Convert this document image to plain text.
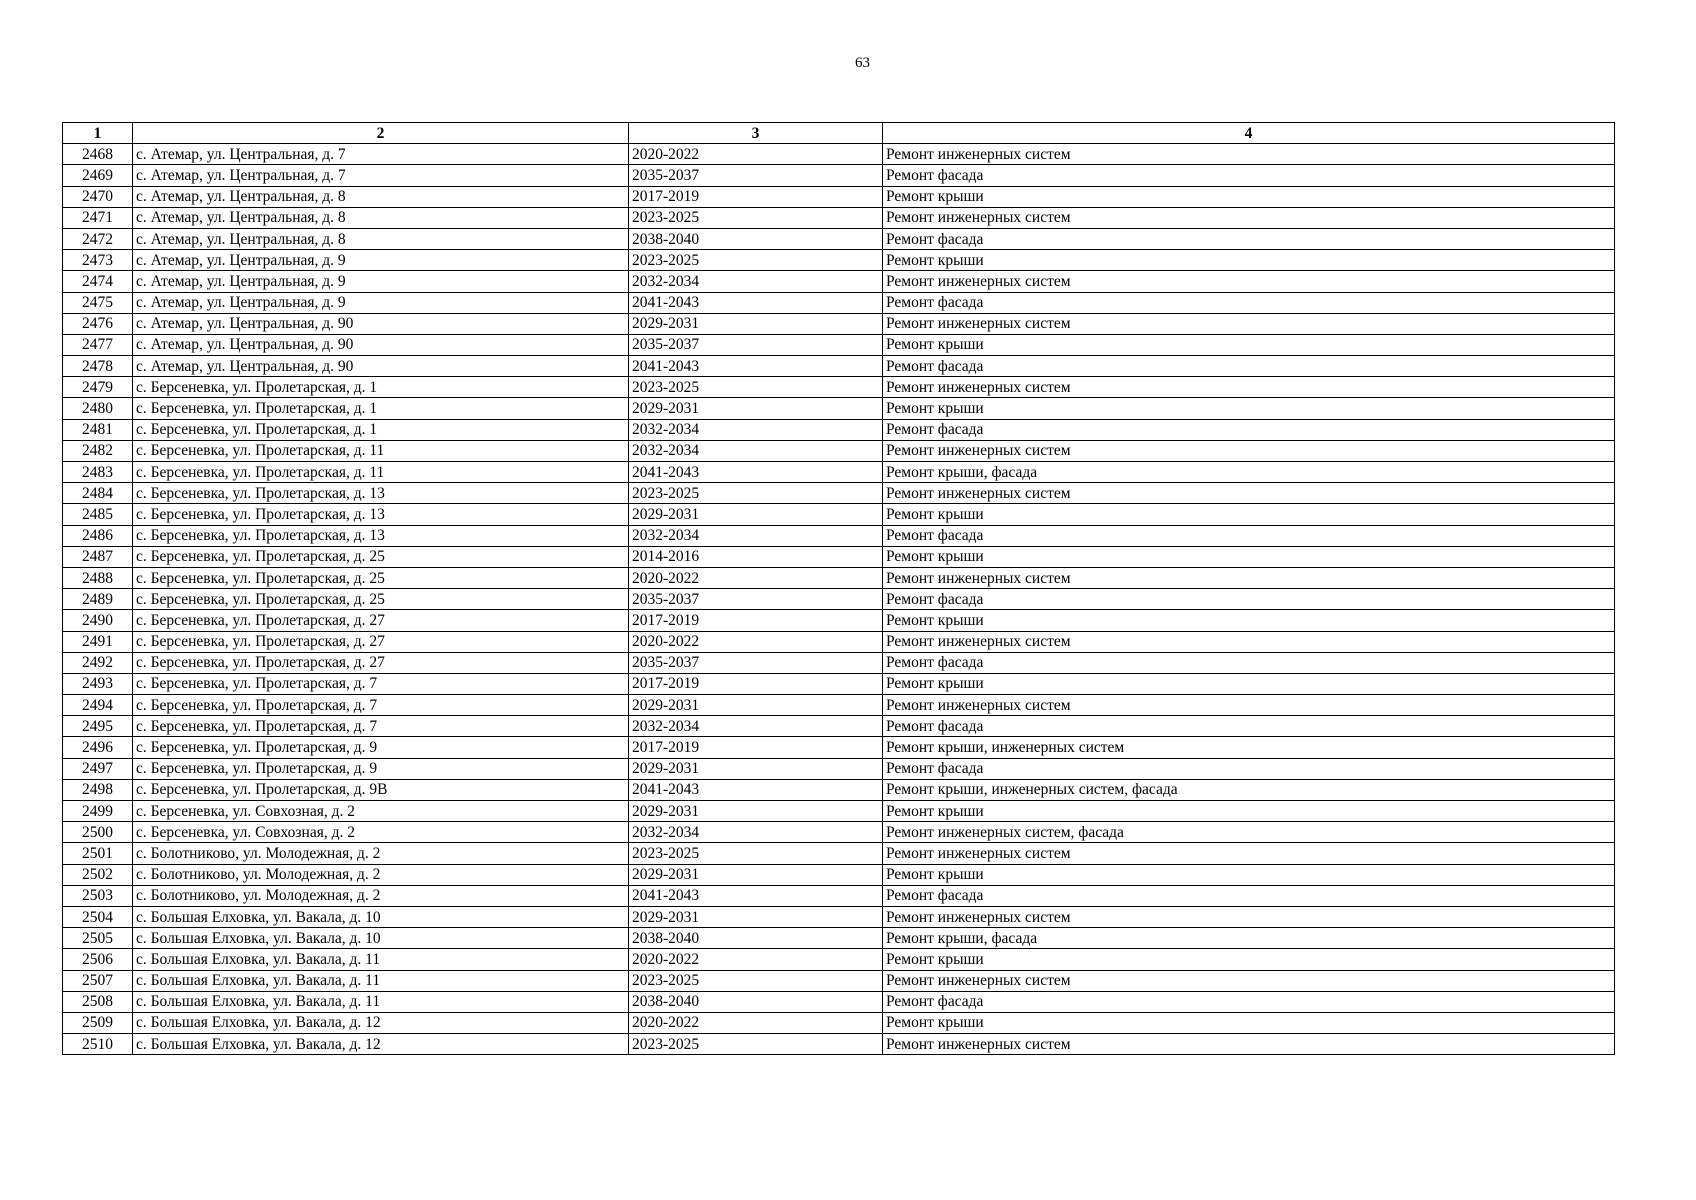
63
1	2	3	4
2468	с. Атемар, ул. Центральная, д. 7	2020-2022	Ремонт инженерных систем
2469	с. Атемар, ул. Центральная, д. 7	2035-2037	Ремонт фасада
2470	с. Атемар, ул. Центральная, д. 8	2017-2019	Ремонт крыши
2471	с. Атемар, ул. Центральная, д. 8	2023-2025	Ремонт инженерных систем
2472	с. Атемар, ул. Центральная, д. 8	2038-2040	Ремонт фасада
2473	с. Атемар, ул. Центральная, д. 9	2023-2025	Ремонт крыши
2474	с. Атемар, ул. Центральная, д. 9	2032-2034	Ремонт инженерных систем
2475	с. Атемар, ул. Центральная, д. 9	2041-2043	Ремонт фасада
2476	с. Атемар, ул. Центральная, д. 90	2029-2031	Ремонт инженерных систем
2477	с. Атемар, ул. Центральная, д. 90	2035-2037	Ремонт крыши
2478	с. Атемар, ул. Центральная, д. 90	2041-2043	Ремонт фасада
2479	с. Берсеневка, ул. Пролетарская, д. 1	2023-2025	Ремонт инженерных систем
2480	с. Берсеневка, ул. Пролетарская, д. 1	2029-2031	Ремонт крыши
2481	с. Берсеневка, ул. Пролетарская, д. 1	2032-2034	Ремонт фасада
2482	с. Берсеневка, ул. Пролетарская, д. 11	2032-2034	Ремонт инженерных систем
2483	с. Берсеневка, ул. Пролетарская, д. 11	2041-2043	Ремонт крыши, фасада
2484	с. Берсеневка, ул. Пролетарская, д. 13	2023-2025	Ремонт инженерных систем
2485	с. Берсеневка, ул. Пролетарская, д. 13	2029-2031	Ремонт крыши
2486	с. Берсеневка, ул. Пролетарская, д. 13	2032-2034	Ремонт фасада
2487	с. Берсеневка, ул. Пролетарская, д. 25	2014-2016	Ремонт крыши
2488	с. Берсеневка, ул. Пролетарская, д. 25	2020-2022	Ремонт инженерных систем
2489	с. Берсеневка, ул. Пролетарская, д. 25	2035-2037	Ремонт фасада
2490	с. Берсеневка, ул. Пролетарская, д. 27	2017-2019	Ремонт крыши
2491	с. Берсеневка, ул. Пролетарская, д. 27	2020-2022	Ремонт инженерных систем
2492	с. Берсеневка, ул. Пролетарская, д. 27	2035-2037	Ремонт фасада
2493	с. Берсеневка, ул. Пролетарская, д. 7	2017-2019	Ремонт крыши
2494	с. Берсеневка, ул. Пролетарская, д. 7	2029-2031	Ремонт инженерных систем
2495	с. Берсеневка, ул. Пролетарская, д. 7	2032-2034	Ремонт фасада
2496	с. Берсеневка, ул. Пролетарская, д. 9	2017-2019	Ремонт крыши, инженерных систем
2497	с. Берсеневка, ул. Пролетарская, д. 9	2029-2031	Ремонт фасада
2498	с. Берсеневка, ул. Пролетарская, д. 9В	2041-2043	Ремонт крыши, инженерных систем, фасада
2499	с. Берсеневка, ул. Совхозная, д. 2	2029-2031	Ремонт крыши
2500	с. Берсеневка, ул. Совхозная, д. 2	2032-2034	Ремонт инженерных систем, фасада
2501	с. Болотниково, ул. Молодежная, д. 2	2023-2025	Ремонт инженерных систем
2502	с. Болотниково, ул. Молодежная, д. 2	2029-2031	Ремонт крыши
2503	с. Болотниково, ул. Молодежная, д. 2	2041-2043	Ремонт фасада
2504	с. Большая Елховка, ул. Вакала, д. 10	2029-2031	Ремонт инженерных систем
2505	с. Большая Елховка, ул. Вакала, д. 10	2038-2040	Ремонт крыши, фасада
2506	с. Большая Елховка, ул. Вакала, д. 11	2020-2022	Ремонт крыши
2507	с. Большая Елховка, ул. Вакала, д. 11	2023-2025	Ремонт инженерных систем
2508	с. Большая Елховка, ул. Вакала, д. 11	2038-2040	Ремонт фасада
2509	с. Большая Елховка, ул. Вакала, д. 12	2020-2022	Ремонт крыши
2510	с. Большая Елховка, ул. Вакала, д. 12	2023-2025	Ремонт инженерных систем
